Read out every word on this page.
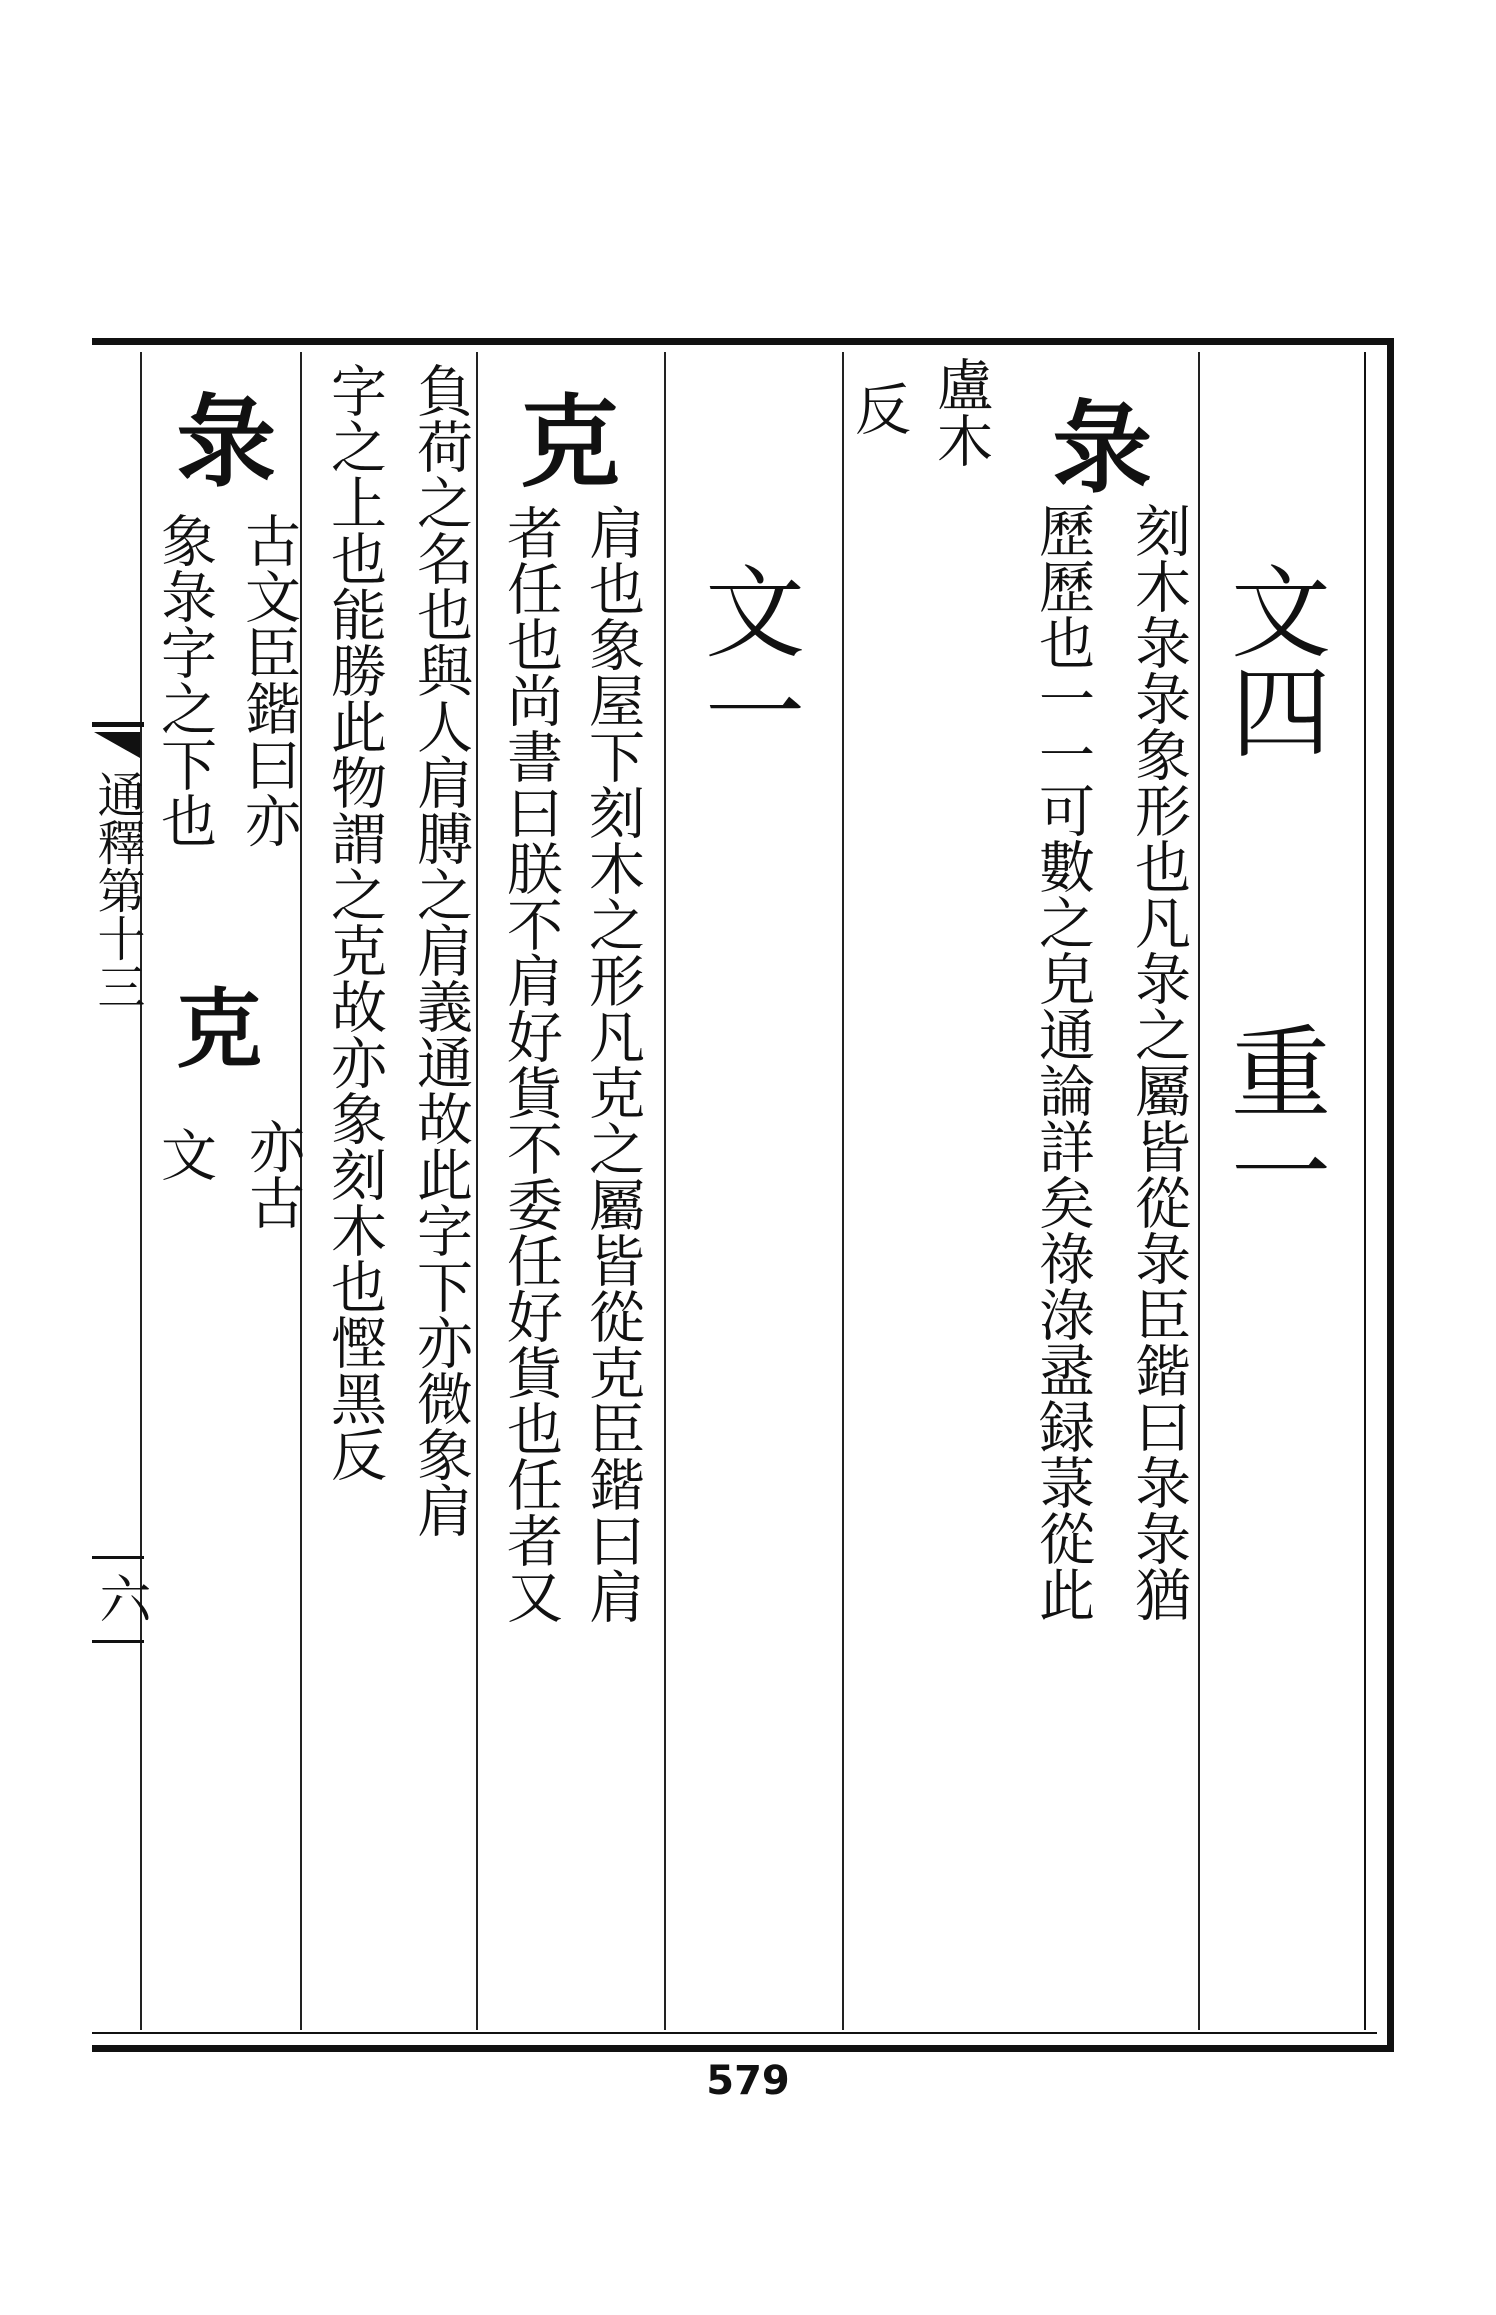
文四
重一
彔
刻木彔彔象形也凡彔之屬皆從彔臣鍇曰彔彔猶
歷歷也一一可數之皃通論詳矣祿淥盝録菉從此
盧木
反
文一
克
肩也象屋下刻木之形凡克之屬皆從克臣鍇曰肩
者任也尚書曰朕不肩好貨不委任好貨也任者又
負荷之名也與人肩膊之肩義通故此字下亦微象肩
字之上也能勝此物謂之克故亦象刻木也慳黑反
彔
古文臣鍇曰亦
象彔字之下也
克
亦古
文
通釋第十三
六
579
